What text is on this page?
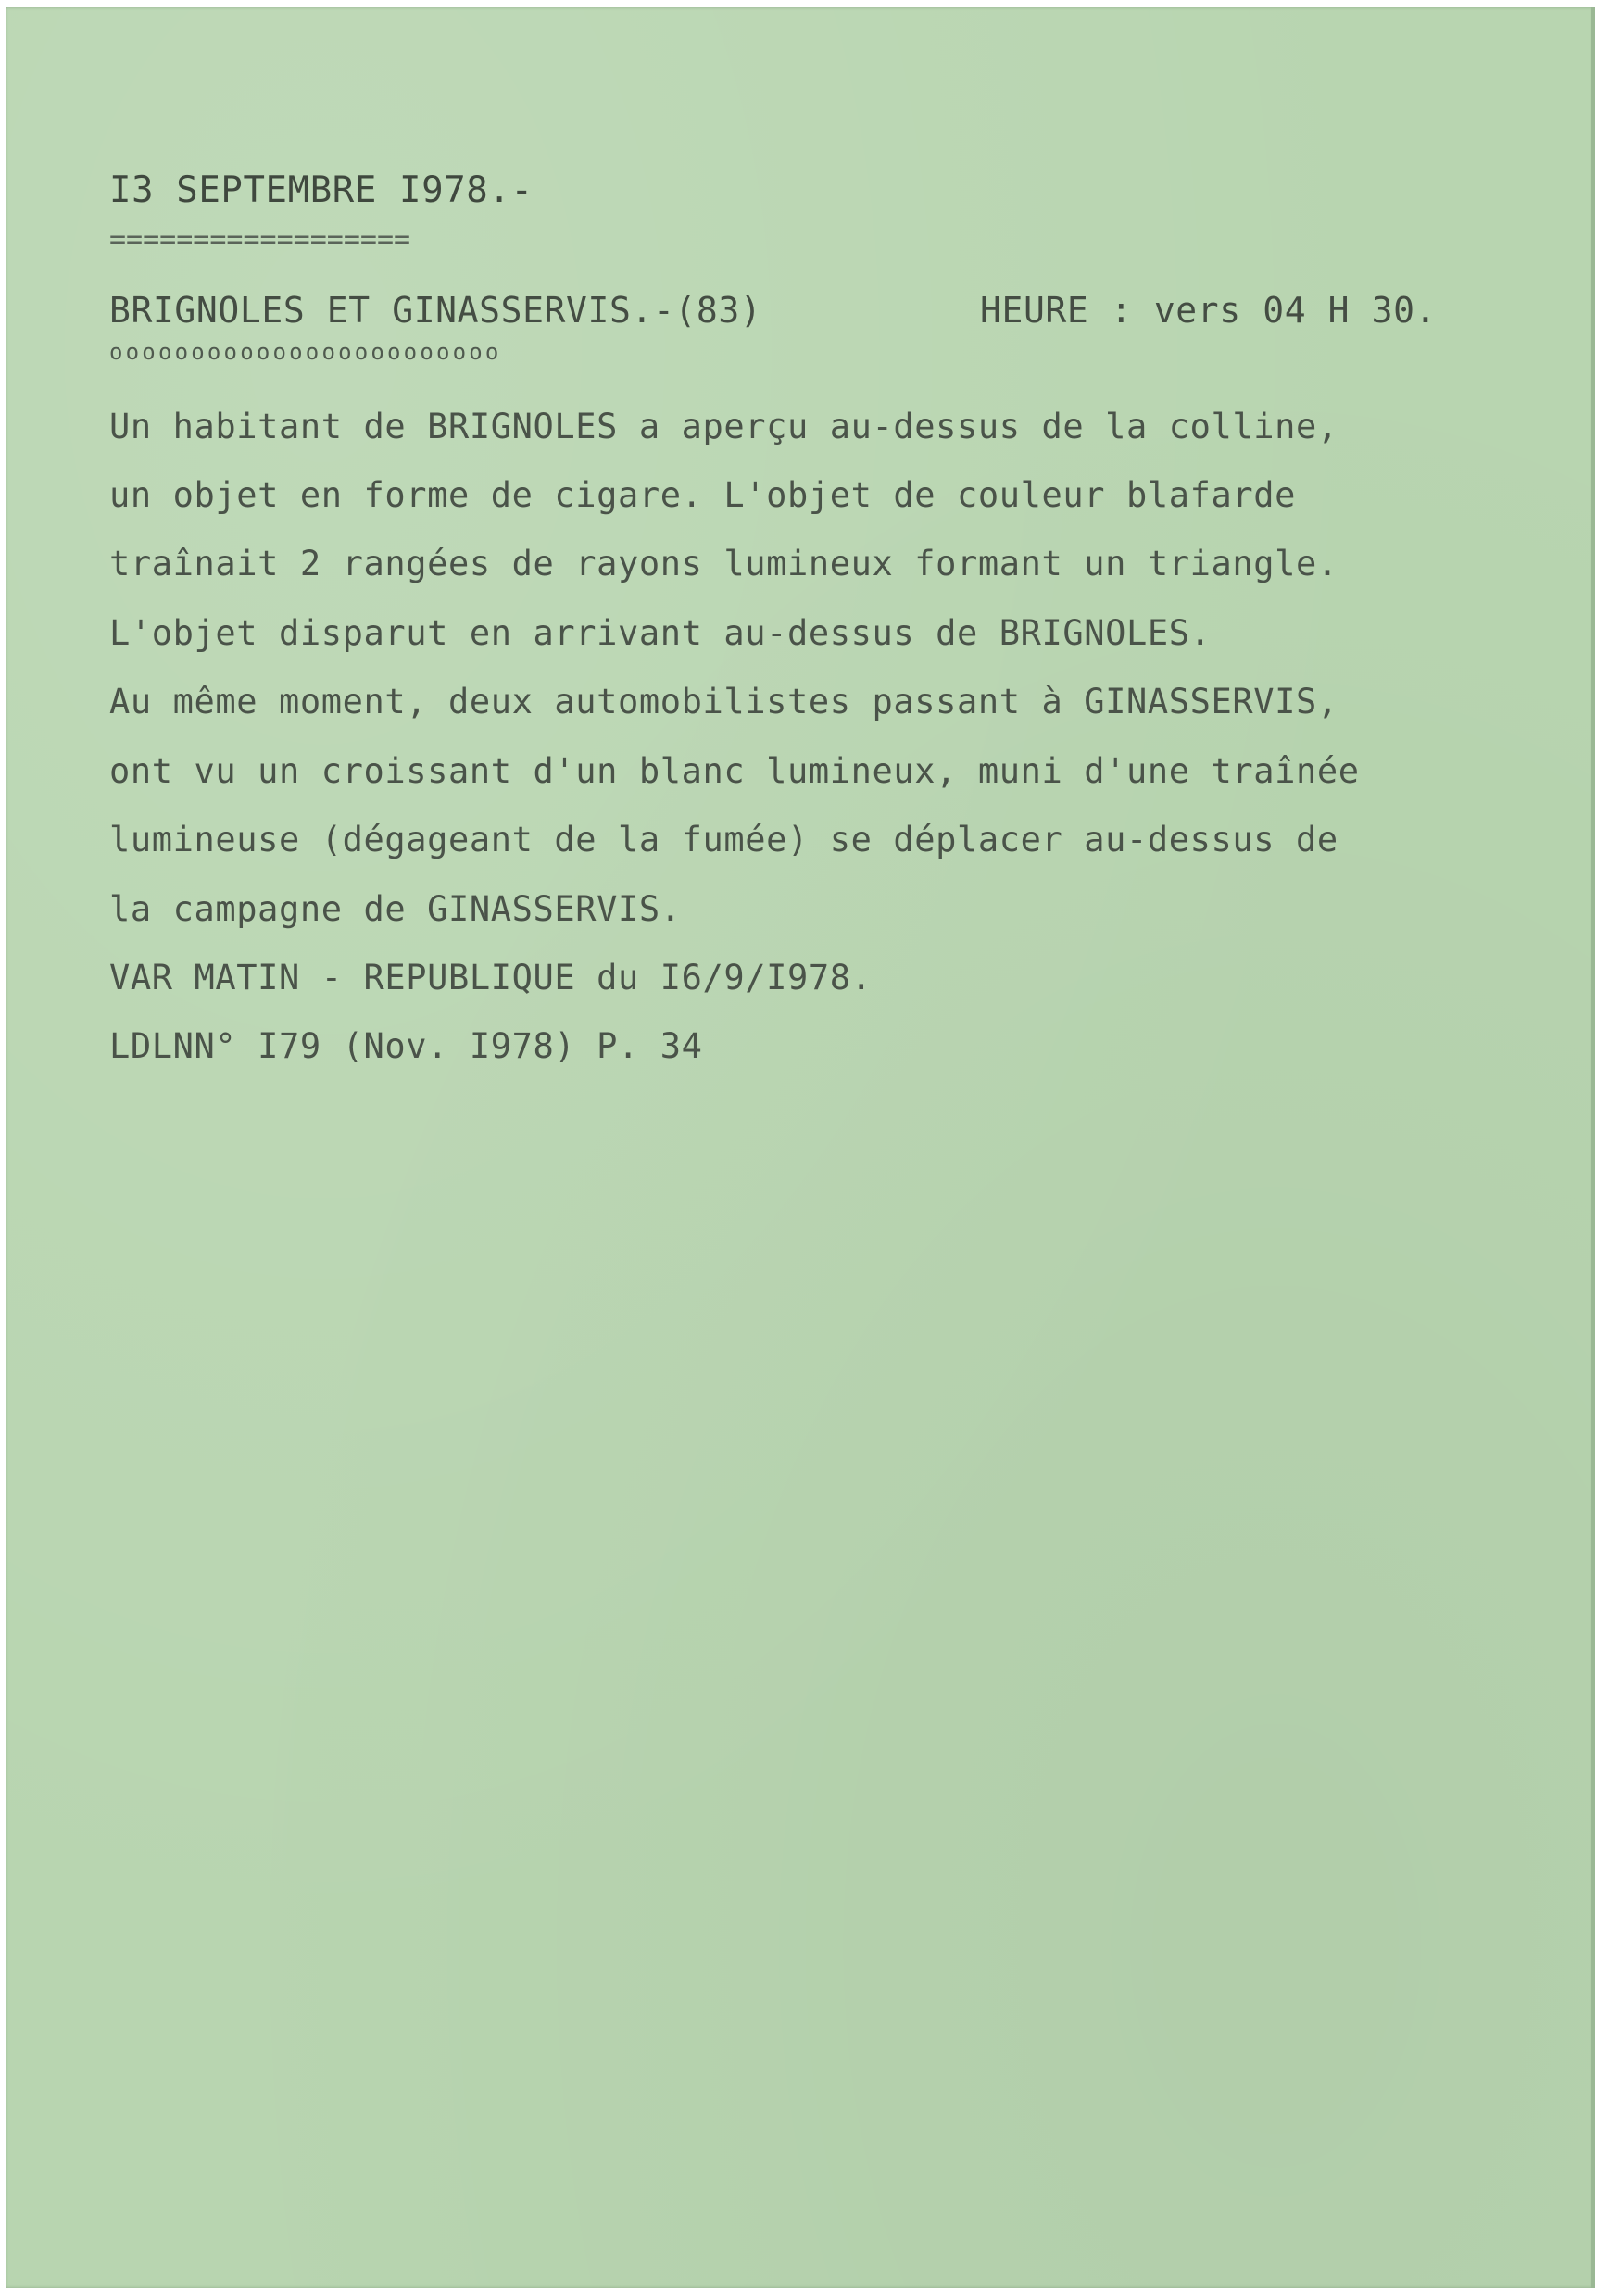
I3 SEPTEMBRE I978.-

==================

BRIGNOLES ET GINASSERVIS.-(83)	HEURE : vers 04 H 30.

oooooooooooooooooooooooo

Un habitant de BRIGNOLES a aperçu au-dessus de la colline,

un objet en forme de cigare. L'objet de couleur blafarde

traînait 2 rangées de rayons lumineux formant un triangle.

L'objet disparut en arrivant au-dessus de BRIGNOLES.

Au même moment, deux automobilistes passant à GINASSERVIS,

ont vu un croissant d'un blanc lumineux, muni d'une traînée

lumineuse (dégageant de la fumée) se déplacer au-dessus de

la campagne de GINASSERVIS.

VAR MATIN - REPUBLIQUE du I6/9/I978.

LDLNN° I79 (Nov. I978) P. 34
